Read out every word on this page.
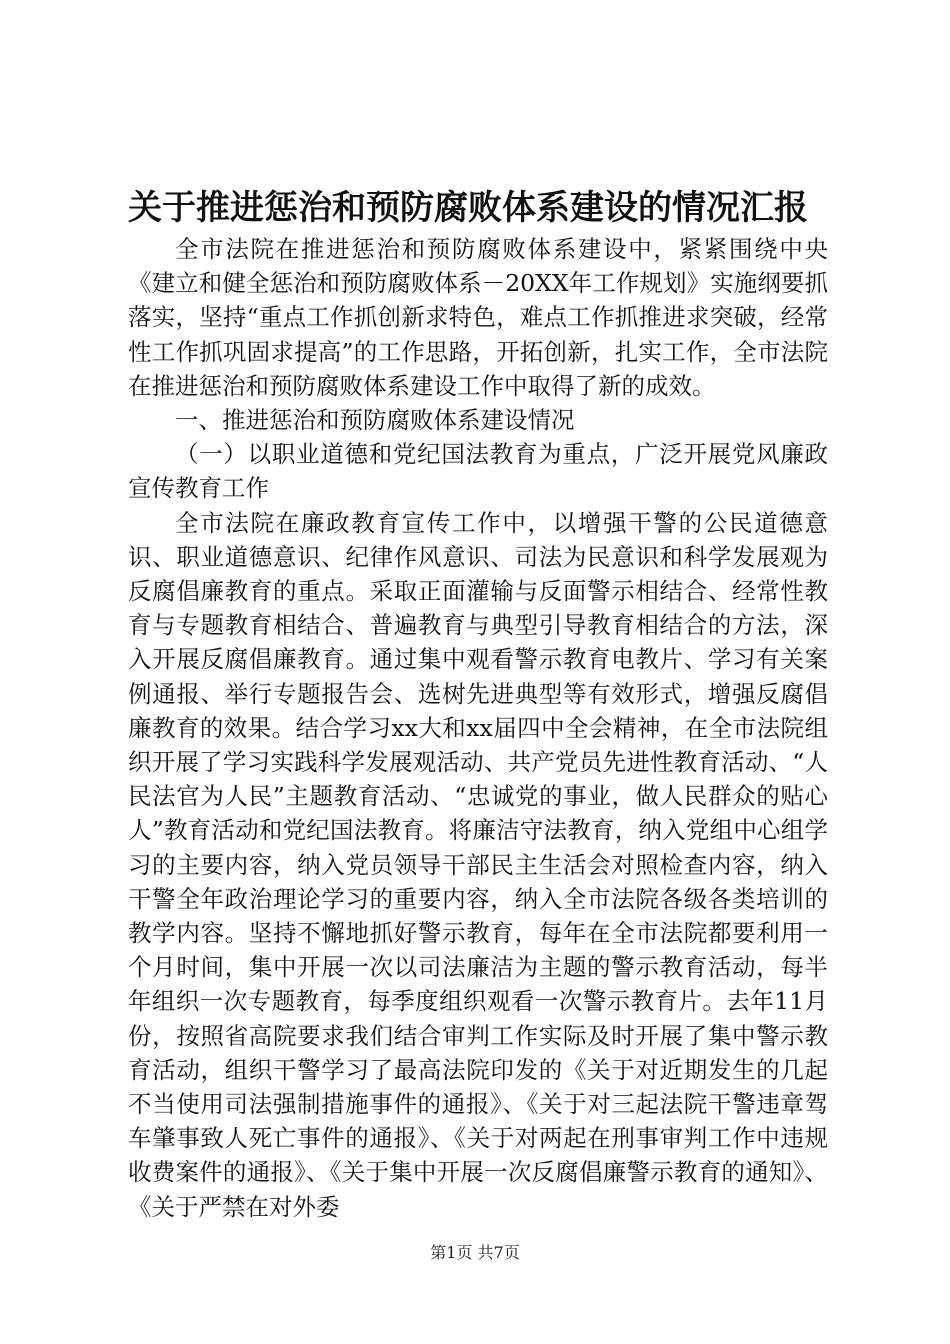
关于推进惩治和预防腐败体系建设的情况汇报

全市法院在推进惩治和预防腐败体系建设中，紧紧围绕中央《建立和健全惩治和预防腐败体系－20XX年工作规划》实施纲要抓落实，坚持“重点工作抓创新求特色，难点工作抓推进求突破，经常性工作抓巩固求提高”的工作思路，开拓创新，扎实工作，全市法院在推进惩治和预防腐败体系建设工作中取得了新的成效。

一、推进惩治和预防腐败体系建设情况

（一）以职业道德和党纪国法教育为重点，广泛开展党风廉政宣传教育工作

全市法院在廉政教育宣传工作中，以增强干警的公民道德意识、职业道德意识、纪律作风意识、司法为民意识和科学发展观为反腐倡廉教育的重点。采取正面灌输与反面警示相结合、经常性教育与专题教育相结合、普遍教育与典型引导教育相结合的方法，深入开展反腐倡廉教育。通过集中观看警示教育电教片、学习有关案例通报、举行专题报告会、选树先进典型等有效形式，增强反腐倡廉教育的效果。结合学习xx大和xx届四中全会精神，在全市法院组织开展了学习实践科学发展观活动、共产党员先进性教育活动、“人民法官为人民”主题教育活动、“忠诚党的事业，做人民群众的贴心人”教育活动和党纪国法教育。将廉洁守法教育，纳入党组中心组学习的主要内容，纳入党员领导干部民主生活会对照检查内容，纳入干警全年政治理论学习的重要内容，纳入全市法院各级各类培训的教学内容。坚持不懈地抓好警示教育，每年在全市法院都要利用一个月时间，集中开展一次以司法廉洁为主题的警示教育活动，每半年组织一次专题教育，每季度组织观看一次警示教育片。去年11月份，按照省高院要求我们结合审判工作实际及时开展了集中警示教育活动，组织干警学习了最高法院印发的《关于对近期发生的几起不当使用司法强制措施事件的通报》、《关于对三起法院干警违章驾车肇事致人死亡事件的通报》、《关于对两起在刑事审判工作中违规收费案件的通报》、《关于集中开展一次反腐倡廉警示教育的通知》、《关于严禁在对外委

第1页 共7页
